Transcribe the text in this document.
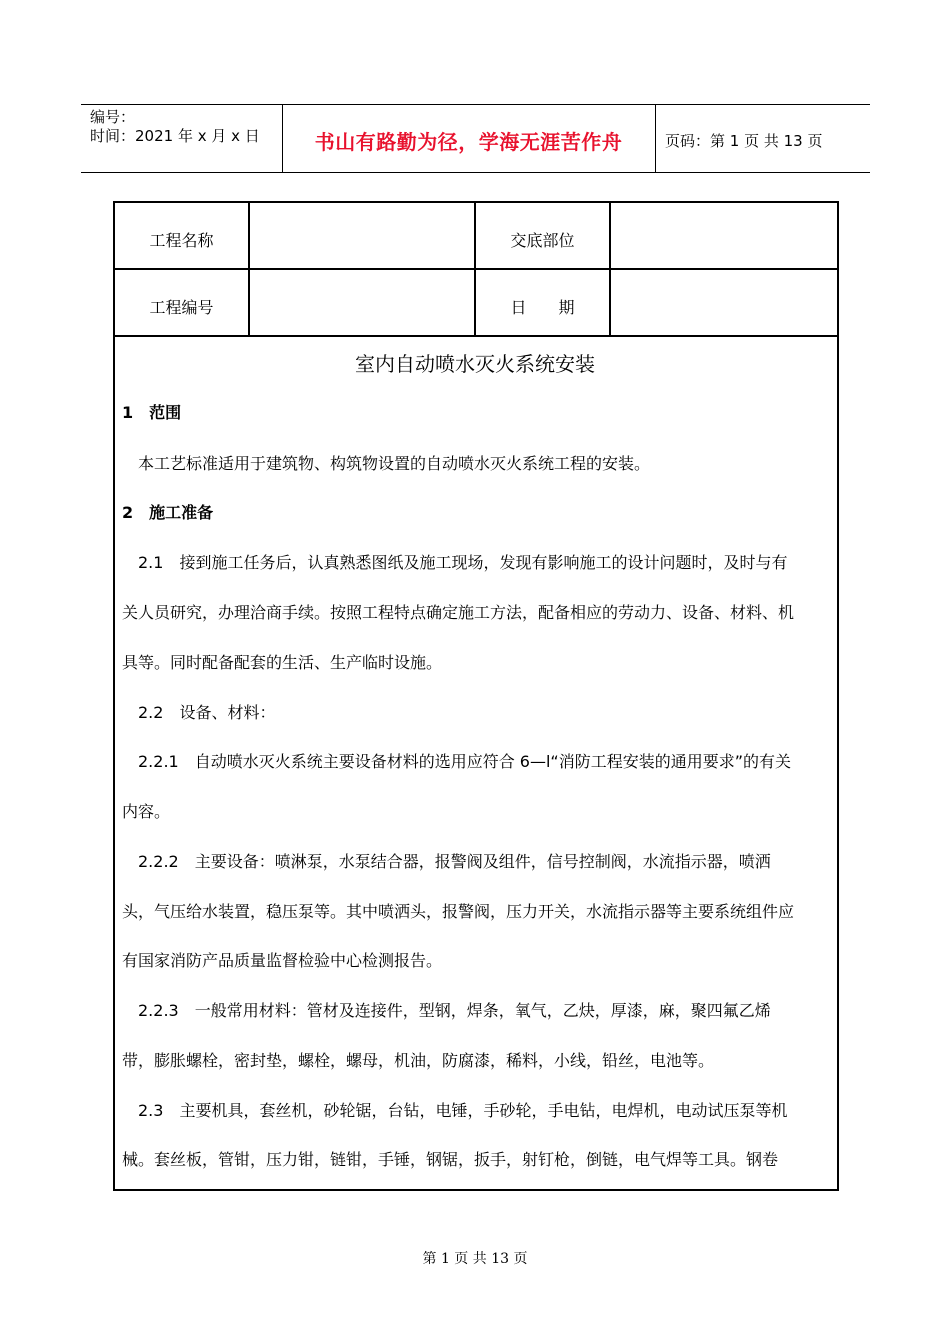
编号：
时间：2021 年 x 月 x 日	书山有路勤为径，学海无涯苦作舟	页码：第 1 页 共 13 页
工程名称	交底部位
工程编号	日　　期
室内自动喷水灭火系统安装
1　范围
　本工艺标准适用于建筑物、构筑物设置的自动喷水灭火系统工程的安装。
2　施工准备
　2.1　接到施工任务后，认真熟悉图纸及施工现场，发现有影响施工的设计问题时，及时与有
关人员研究，办理洽商手续。按照工程特点确定施工方法，配备相应的劳动力、设备、材料、机
具等。同时配备配套的生活、生产临时设施。
　2.2　设备、材料：
　2.2.1　自动喷水灭火系统主要设备材料的选用应符合 6—l“消防工程安装的通用要求”的有关
内容。
　2.2.2　主要设备：喷淋泵，水泵结合器，报警阀及组件，信号控制阀，水流指示器，喷洒
头，气压给水装置，稳压泵等。其中喷洒头，报警阀，压力开关，水流指示器等主要系统组件应
有国家消防产品质量监督检验中心检测报告。
　2.2.3　一般常用材料：管材及连接件，型钢，焊条，氧气，乙炔，厚漆，麻，聚四氟乙烯
带，膨胀螺栓，密封垫，螺栓，螺母，机油，防腐漆，稀料，小线，铅丝，电池等。
　2.3　主要机具，套丝机，砂轮锯，台钻，电锤，手砂轮，手电钻，电焊机，电动试压泵等机
械。套丝板，管钳，压力钳，链钳，手锤，钢锯，扳手，射钉枪，倒链，电气焊等工具。钢卷
第 1 页 共 13 页
